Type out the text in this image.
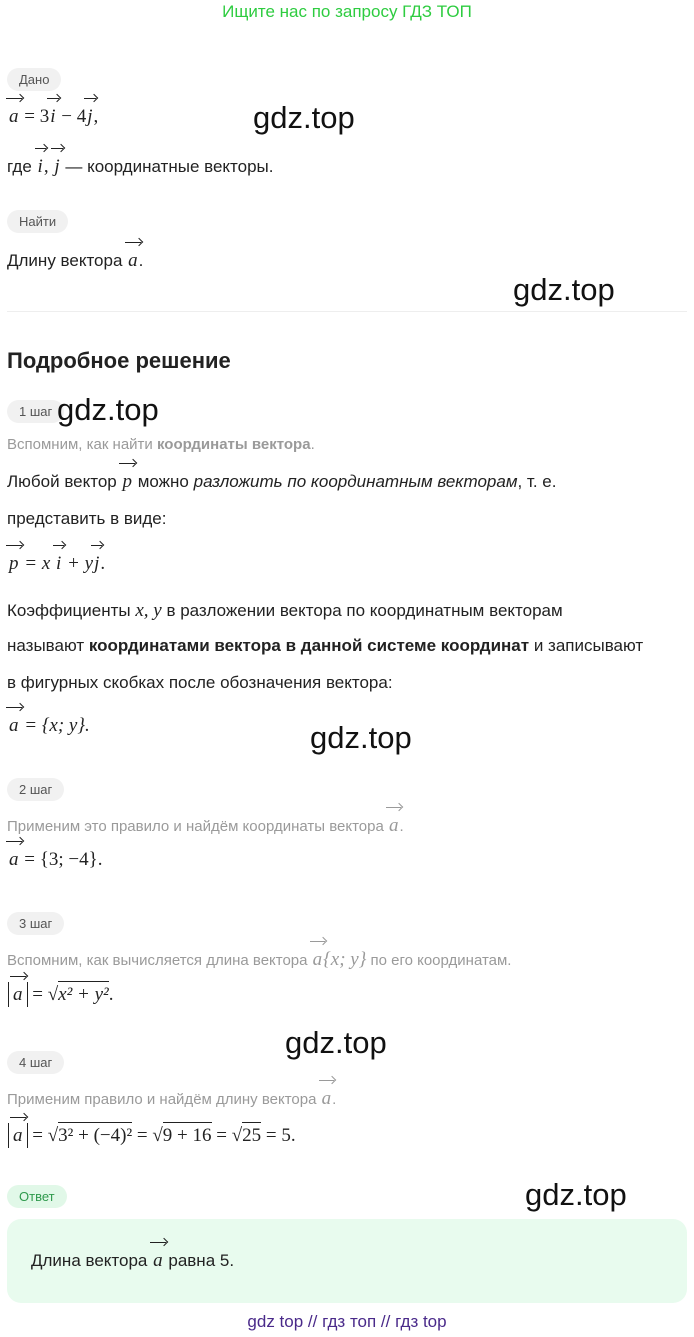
Ищите нас по запросу ГДЗ ТОП
Дано
a = 3i − 4j,	gdz.top
где i, j — координатные векторы.
Найти
Длину вектора a.
gdz.top
Подробное решение
1 шаг gdz.top
Вспомним, как найти координаты вектора.
Любой вектор p можно разложить по координатным векторам, т. е.
представить в виде:
p = x i + yj.
Коэффициенты x, y в разложении вектора по координатным векторам
называют координатами вектора в данной системе координат и записывают
в фигурных скобках после обозначения вектора:
a = {x; y}.	gdz.top
2 шаг
Применим это правило и найдём координаты вектора a.
a = {3; −4}.
3 шаг
Вспомним, как вычисляется длина вектора a{x; y} по его координатам.
a = √x² + y².
gdz.top
4 шаг
Применим правило и найдём длину вектора a.
a = √3² + (−4)² = √9 + 16 = √25 = 5.
Ответ	gdz.top
Длина вектора a равна 5.
gdz top // гдз топ // гдз top
